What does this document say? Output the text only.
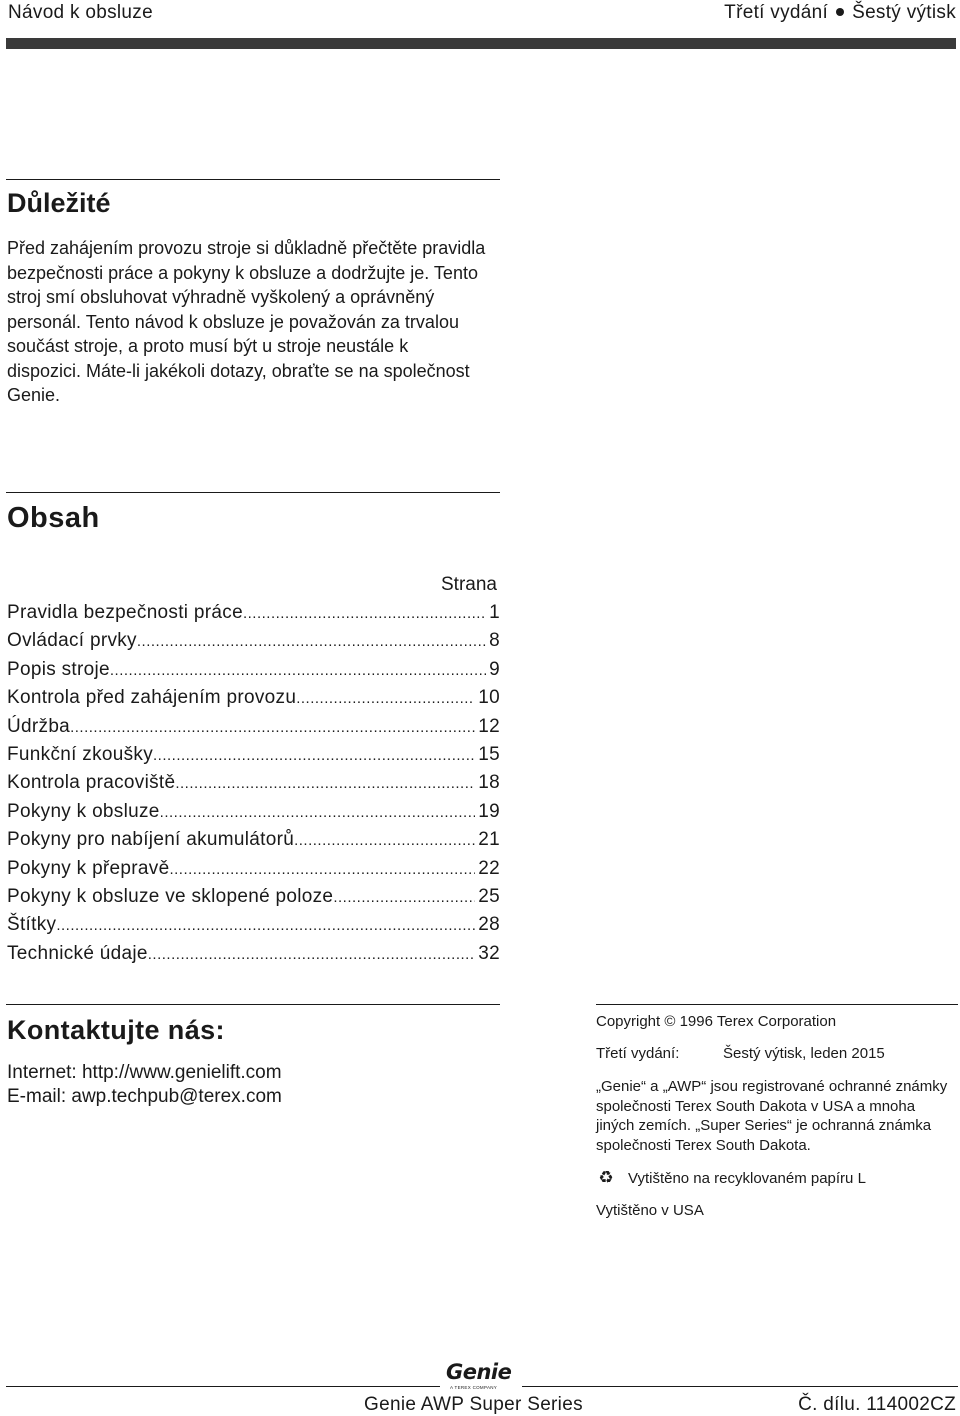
Návod k obsluze	Třetí vydání Šestý výtisk
Důležité
Před zahájením provozu stroje si důkladně přečtěte pravidla bezpečnosti práce a pokyny k obsluze a dodržujte je. Tento stroj smí obsluhovat výhradně vyškolený a oprávněný personál. Tento návod k obsluze je považován za trvalou součást stroje, a proto musí být u stroje neustále k dispozici. Máte-li jakékoli dotazy, obraťte se na společnost Genie.
Obsah
Strana
Pravidla bezpečnosti práce .....	1
Ovládací prvky .....	8
Popis stroje .....	9
Kontrola před zahájením provozu .....	10
Údržba .....	12
Funkční zkoušky .....	15
Kontrola pracoviště .....	18
Pokyny k obsluze .....	19
Pokyny pro nabíjení akumulátorů .....	21
Pokyny k přepravě .....	22
Pokyny k obsluze ve sklopené poloze .....	25
Štítky .....	28
Technické údaje .....	32
Kontaktujte nás:
Internet: http://www.genielift.com
E-mail: awp.techpub@terex.com
Copyright © 1996 Terex Corporation
Třetí vydání:	Šestý výtisk, leden 2015
„Genie“ a „AWP“ jsou registrované ochranné známky společnosti Terex South Dakota v USA a mnoha jiných zemích. „Super Series“ je ochranná známka společnosti Terex South Dakota.
♻ Vytištěno na recyklovaném papíru L
Vytištěno v USA
Genie
A TEREX COMPANY
Genie AWP Super Series	Č. dílu. 114002CZ
